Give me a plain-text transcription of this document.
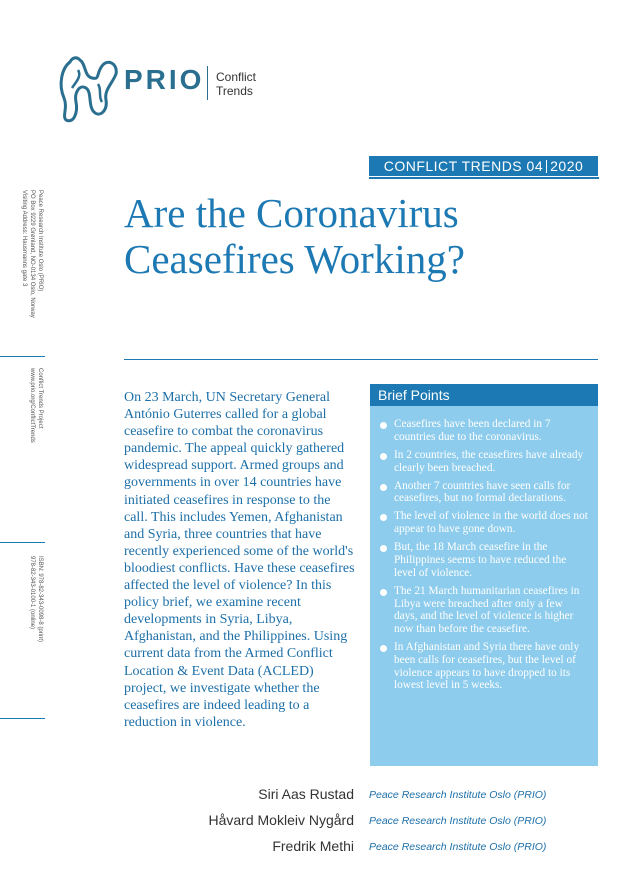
PRIO Conflict
Trends
CONFLICT TRENDS
04 2020
Are the Coronavirus
Ceasefires Working?
Peace Research Institute Oslo (PRIO)
PO Box 9229 Grønland, NO-0134 Oslo, Norway
Visiting Address: Hausmanns gate 3
Conflict Trends Project
www.prio.org/ConflictTrends
ISBN: 978-82-343-0098-8 (print)
978-82-343-0100-1 (online)
On 23 March, UN Secretary General António Guterres called for a global ceasefire to combat the coronavirus pandemic. The appeal quickly gathered widespread support. Armed groups and governments in over 14 countries have initiated ceasefires in response to the call. This includes Yemen, Afghanistan and Syria, three countries that have recently experienced some of the world's bloodiest conflicts. Have these ceasefires affected the level of violence? In this policy brief, we examine recent developments in Syria, Libya, Afghanistan, and the Philippines. Using current data from the Armed Conflict Location & Event Data (ACLED) project, we investigate whether the ceasefires are indeed leading to a reduction in violence.
Brief Points
Ceasefires have been declared in 7 countries due to the coronavirus.
In 2 countries, the ceasefires have already clearly been breached.
Another 7 countries have seen calls for ceasefires, but no formal declarations.
The level of violence in the world does not appear to have gone down.
But, the 18 March ceasefire in the Philippines seems to have reduced the level of violence.
The 21 March humanitarian ceasefires in Libya were breached after only a few days, and the level of violence is higher now than before the ceasefire.
In Afghanistan and Syria there have only been calls for ceasefires, but the level of violence appears to have dropped to its lowest level in 5 weeks.
Siri Aas Rustad Peace Research Institute Oslo (PRIO)
Håvard Mokleiv Nygård Peace Research Institute Oslo (PRIO)
Fredrik Methi Peace Research Institute Oslo (PRIO)
